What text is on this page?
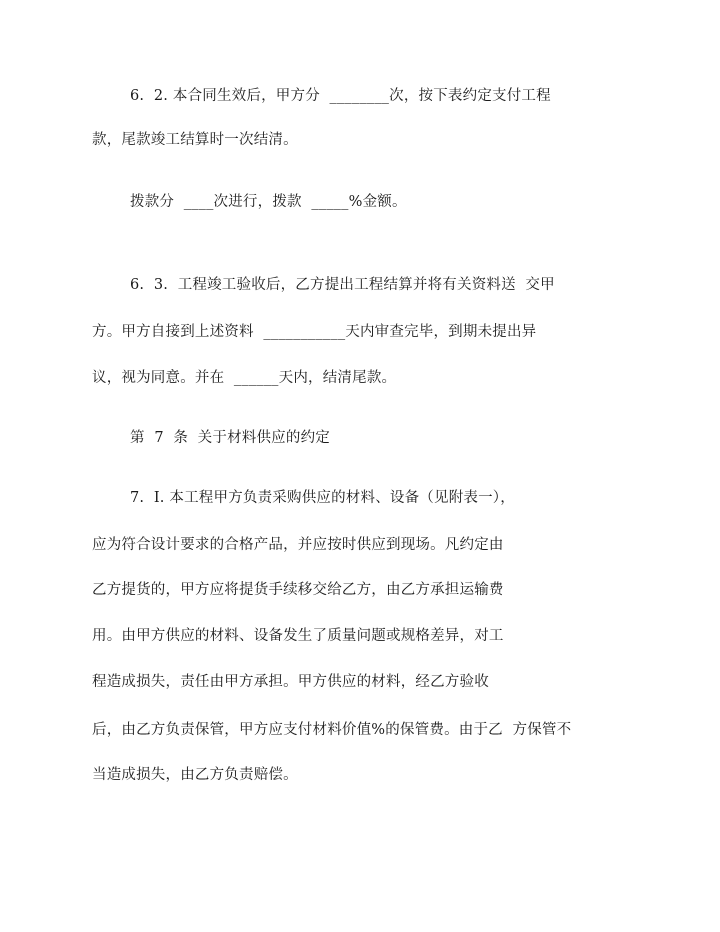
6.  2. 本合同生效后，甲方分  ________次，按下表约定支付工程
款，尾款竣工结算时一次结清。
拨款分  ____次进行，拨款  _____%金额。
6.  3.  工程竣工验收后，乙方提出工程结算并将有关资料送  交甲
方。甲方自接到上述资料  ___________天内审查完毕，到期未提出异
议，视为同意。并在  ______天内，结清尾款。
第  7  条  关于材料供应的约定
7.  I. 本工程甲方负责采购供应的材料、设备（见附表一），
应为符合设计要求的合格产品，并应按时供应到现场。凡约定由
乙方提货的，甲方应将提货手续移交给乙方，由乙方承担运输费
用。由甲方供应的材料、设备发生了质量问题或规格差异，对工
程造成损失，责任由甲方承担。甲方供应的材料，经乙方验收
后，由乙方负责保管，甲方应支付材料价值%的保管费。由于乙  方保管不
当造成损失，由乙方负责赔偿。
